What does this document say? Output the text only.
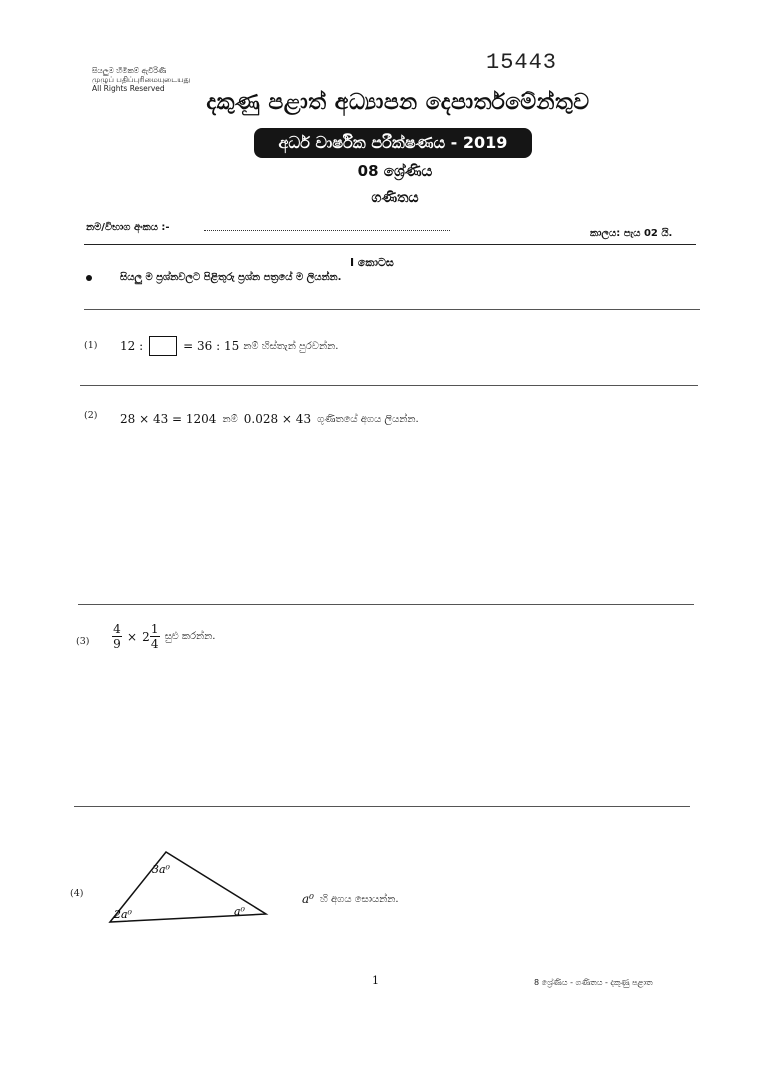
සියලුම හිමිකම් ඇවිරිණි
முழுப் பதிப்புரிமையுடையது
All Rights Reserved
15443
දකුණු පළාත් අධ්‍යාපන දෙපාර්තමේන්තුව
අර්ධ වාර්ෂික පරීක්ෂණය - 2019
08 ශ්‍රේණිය
ගණිතය
නම/විභාග අංකය :-
කාලය: පැය 02 යි.
I කොටස
සියලු ම ප්‍රශ්නවලට පිළිතුරු ප්‍රශ්න පත්‍රයේ ම ලියන්න.
(1) 12 :	= 36 : 15 නම් හිස්තැන් පුරවන්න.
(2) 28 × 43 = 1204 නම් 0.028 × 43 ගුණිතයේ අගය ලියන්න.
$(3) \frac{4}{9} \times 2 \frac{1}{4}$ සුළු කරන්න.
(4)
3a⁰
2a⁰	a⁰
a⁰ හි අගය සොයන්න.
1	8 ශ්‍රේණිය - ගණිතය - දකුණු පළාත
